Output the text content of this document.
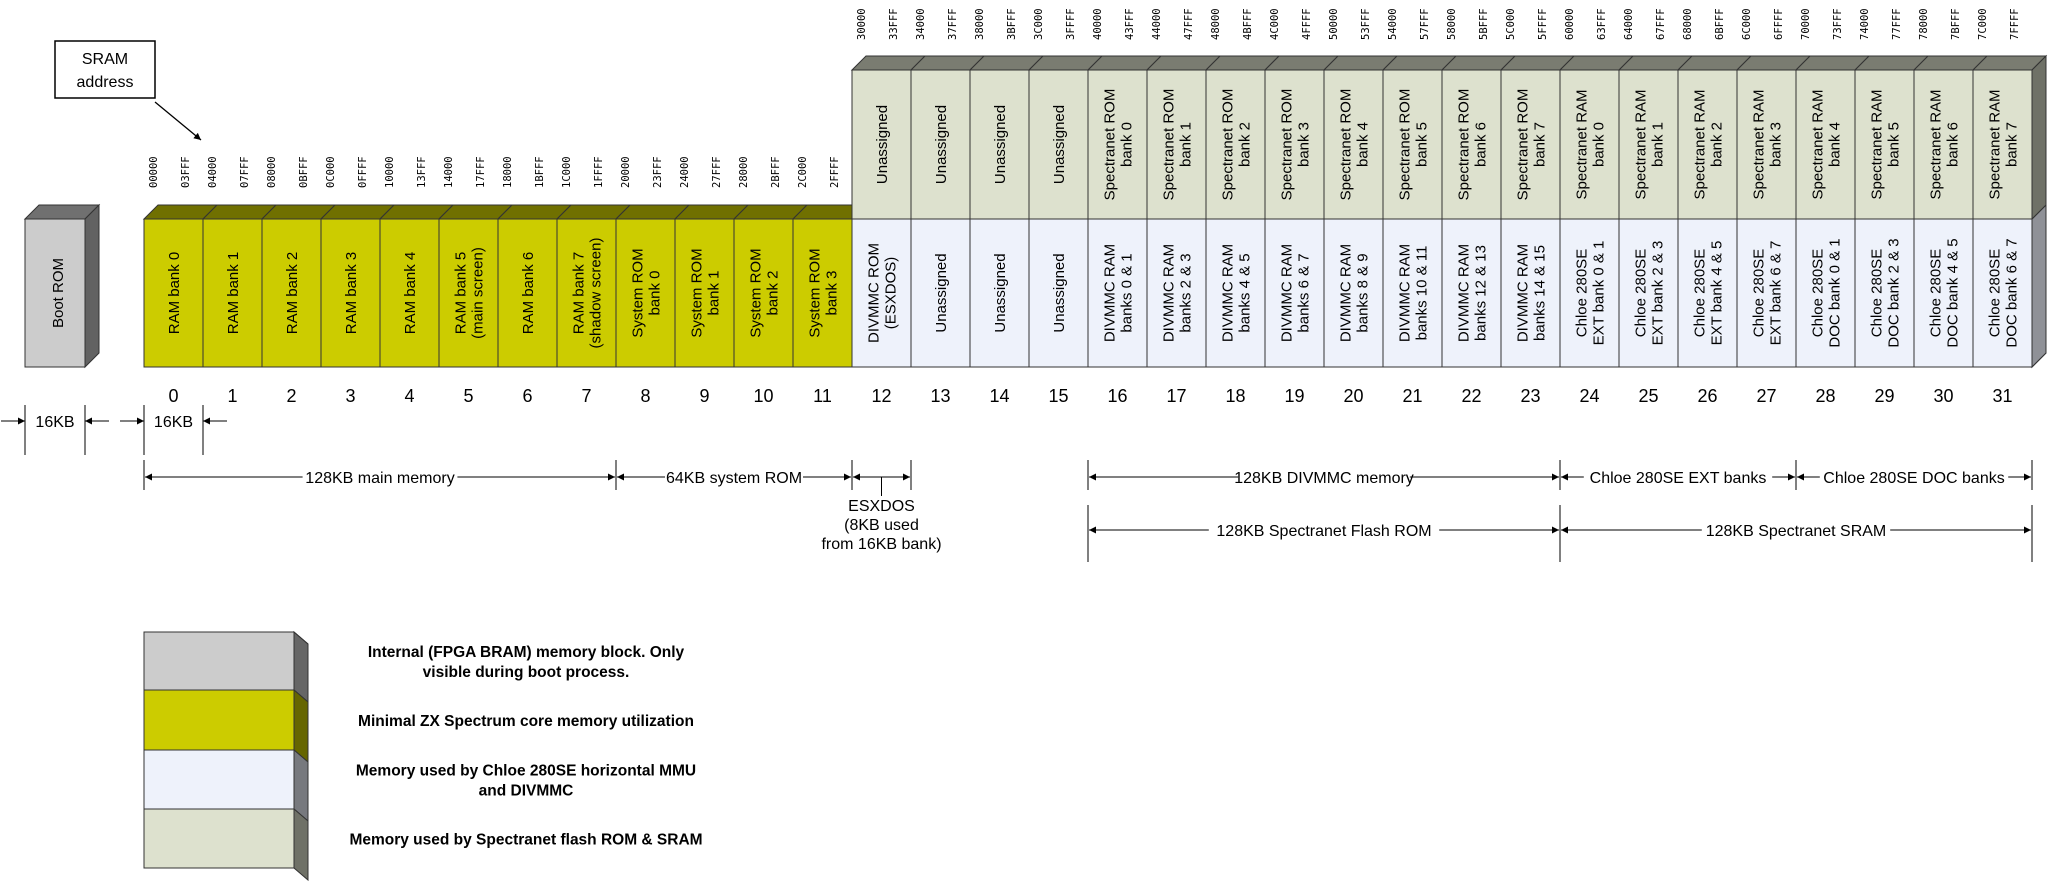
Boot ROM	RAM bank 0
0
00000 03FFF
RAM bank 1
1
04000 07FFF
RAM bank 2
2
08000 0BFFF
RAM bank 3
3
0C000 0FFFF
RAM bank 4
4
10000 13FFF
RAM bank 5(main screen)
5
14000 17FFF
RAM bank 6
6
18000 1BFFF
RAM bank 7(shadow screen)
7
1C000 1FFFF
System ROMbank 0
8
20000 23FFF
System ROMbank 1
9
24000 27FFF
System ROMbank 2
10
28000 2BFFF
System ROMbank 3
11
2C000 2FFFF
DIVMMC ROM(ESXDOS)
Unassigned
12
30000 33FFF
Unassigned
Unassigned
13
34000 37FFF
Unassigned
Unassigned
14
38000 3BFFF
Unassigned
Unassigned
15
3C000 3FFFF
DIVMMC RAMbanks 0 & 1
Spectranet ROMbank 0
16
40000 43FFF
DIVMMC RAMbanks 2 & 3
Spectranet ROMbank 1
17
44000 47FFF
DIVMMC RAMbanks 4 & 5
Spectranet ROMbank 2
18
48000 4BFFF
DIVMMC RAMbanks 6 & 7
Spectranet ROMbank 3
19
4C000 4FFFF
DIVMMC RAMbanks 8 & 9
Spectranet ROMbank 4
20
50000 53FFF
DIVMMC RAMbanks 10 & 11
Spectranet ROMbank 5
21
54000 57FFF
DIVMMC RAMbanks 12 & 13
Spectranet ROMbank 6
22
58000 5BFFF
DIVMMC RAMbanks 14 & 15
Spectranet ROMbank 7
23
5C000 5FFFF
Chloe 280SEEXT bank 0 & 1
Spectranet RAMbank 0
24
60000 63FFF
Chloe 280SEEXT bank 2 & 3
Spectranet RAMbank 1
25
64000 67FFF
Chloe 280SEEXT bank 4 & 5
Spectranet RAMbank 2
26
68000 6BFFF
Chloe 280SEEXT bank 6 & 7
Spectranet RAMbank 3
27
6C000 6FFFF
Chloe 280SEDOC bank 0 & 1
Spectranet RAMbank 4
28
70000 73FFF
Chloe 280SEDOC bank 2 & 3
Spectranet RAMbank 5
29
74000 77FFF
Chloe 280SEDOC bank 4 & 5
Spectranet RAMbank 6
30
78000 7BFFF
Chloe 280SEDOC bank 6 & 7
Spectranet RAMbank 7
31
7C000 7FFFF
SRAM
address
16KB	16KB
128KB main memory	64KB system ROM
ESXDOS
(8KB used
from 16KB bank)
128KB DIVMMC memory	Chloe 280SE EXT banks	Chloe 280SE DOC banks
128KB Spectranet Flash ROM	128KB Spectranet SRAM
Internal (FPGA BRAM) memory block. Only
visible during boot process.
Minimal ZX Spectrum core memory utilization
Memory used by Chloe 280SE horizontal MMU
and DIVMMC
Memory used by Spectranet flash ROM & SRAM
